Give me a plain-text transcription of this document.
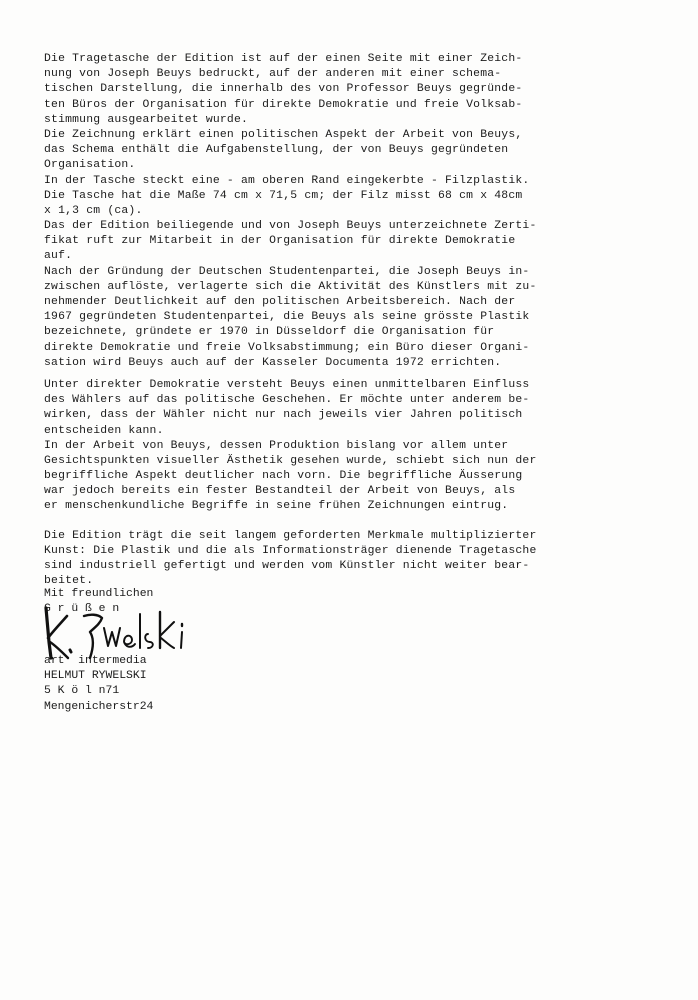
Die Tragetasche der Edition ist auf der einen Seite mit einer Zeich-
nung von Joseph Beuys bedruckt, auf der anderen mit einer schema-
tischen Darstellung, die innerhalb des von Professor Beuys gegründe-
ten Büros der Organisation für direkte Demokratie und freie Volksab-
stimmung ausgearbeitet wurde.
Die Zeichnung erklärt einen politischen Aspekt der Arbeit von Beuys,
das Schema enthält die Aufgabenstellung, der von Beuys gegründeten
Organisation.
In der Tasche steckt eine - am oberen Rand eingekerbte - Filzplastik.
Die Tasche hat die Maße 74 cm x 71,5 cm; der Filz misst 68 cm x 48cm
x 1,3 cm (ca).
Das der Edition beiliegende und von Joseph Beuys unterzeichnete Zerti-
fikat ruft zur Mitarbeit in der Organisation für direkte Demokratie
auf.
Nach der Gründung der Deutschen Studentenpartei, die Joseph Beuys in-
zwischen auflöste, verlagerte sich die Aktivität des Künstlers mit zu-
nehmender Deutlichkeit auf den politischen Arbeitsbereich. Nach der
1967 gegründeten Studentenpartei, die Beuys als seine grösste Plastik
bezeichnete, gründete er 1970 in Düsseldorf die Organisation für
direkte Demokratie und freie Volksabstimmung; ein Büro dieser Organi-
sation wird Beuys auch auf der Kasseler Documenta 1972 errichten.
Unter direkter Demokratie versteht Beuys einen unmittelbaren Einfluss
des Wählers auf das politische Geschehen. Er möchte unter anderem be-
wirken, dass der Wähler nicht nur nach jeweils vier Jahren politisch
entscheiden kann.
In der Arbeit von Beuys, dessen Produktion bislang vor allem unter
Gesichtspunkten visueller Ästhetik gesehen wurde, schiebt sich nun der
begriffliche Aspekt deutlicher nach vorn. Die begriffliche Äusserung
war jedoch bereits ein fester Bestandteil der Arbeit von Beuys, als
er menschenkundliche Begriffe in seine frühen Zeichnungen eintrug.
Die Edition trägt die seit langem geforderten Merkmale multiplizierter
Kunst: Die Plastik und die als Informationsträger dienende Tragetasche
sind industriell gefertigt und werden vom Künstler nicht weiter bear-
beitet.
Mit freundlichen
G r ü ß e n
art  intermedia
HELMUT RYWELSKI
5 K ö l n71
Mengenicherstr24
